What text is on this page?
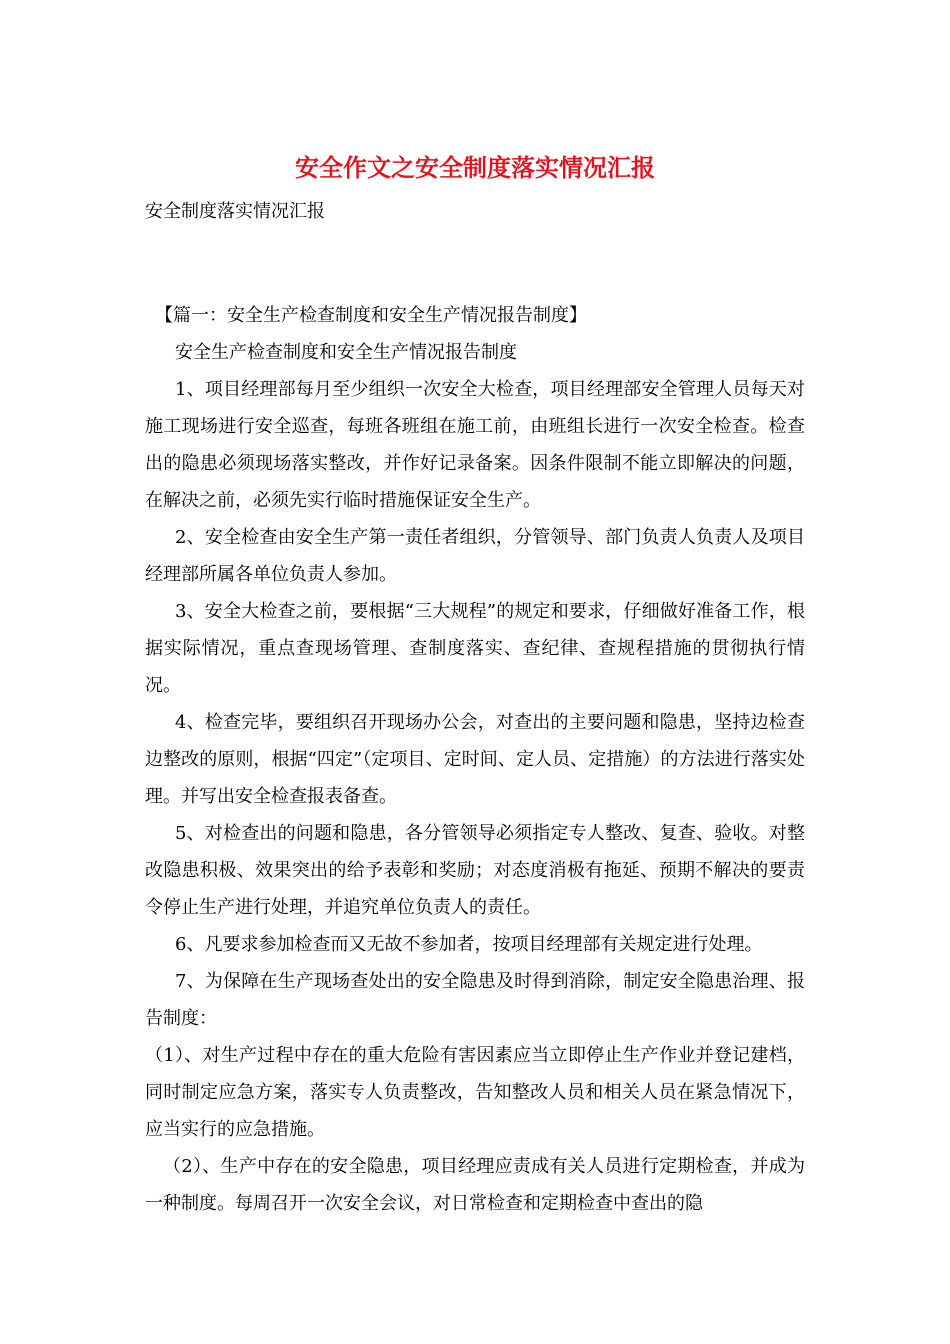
安全作文之安全制度落实情况汇报

安全制度落实情况汇报

【篇一：安全生产检查制度和安全生产情况报告制度】

安全生产检查制度和安全生产情况报告制度

1、项目经理部每月至少组织一次安全大检查，项目经理部安全管理人员每天对施工现场进行安全巡查，每班各班组在施工前，由班组长进行一次安全检查。检查出的隐患必须现场落实整改，并作好记录备案。因条件限制不能立即解决的问题，在解决之前，必须先实行临时措施保证安全生产。

2、安全检查由安全生产第一责任者组织，分管领导、部门负责人负责人及项目经理部所属各单位负责人参加。

3、安全大检查之前，要根据“三大规程”的规定和要求，仔细做好准备工作，根据实际情况，重点查现场管理、查制度落实、查纪律、查规程措施的贯彻执行情况。

4、检查完毕，要组织召开现场办公会，对查出的主要问题和隐患，坚持边检查边整改的原则，根据“四定”（定项目、定时间、定人员、定措施）的方法进行落实处理。并写出安全检查报表备查。

5、对检查出的问题和隐患，各分管领导必须指定专人整改、复查、验收。对整改隐患积极、效果突出的给予表彰和奖励；对态度消极有拖延、预期不解决的要责令停止生产进行处理，并追究单位负责人的责任。

6、凡要求参加检查而又无故不参加者，按项目经理部有关规定进行处理。

7、为保障在生产现场查处出的安全隐患及时得到消除，制定安全隐患治理、报告制度：

（1）、对生产过程中存在的重大危险有害因素应当立即停止生产作业并登记建档，同时制定应急方案，落实专人负责整改，告知整改人员和相关人员在紧急情况下，应当实行的应急措施。

（2）、生产中存在的安全隐患，项目经理应责成有关人员进行定期检查，并成为一种制度。每周召开一次安全会议，对日常检查和定期检查中查出的隐
